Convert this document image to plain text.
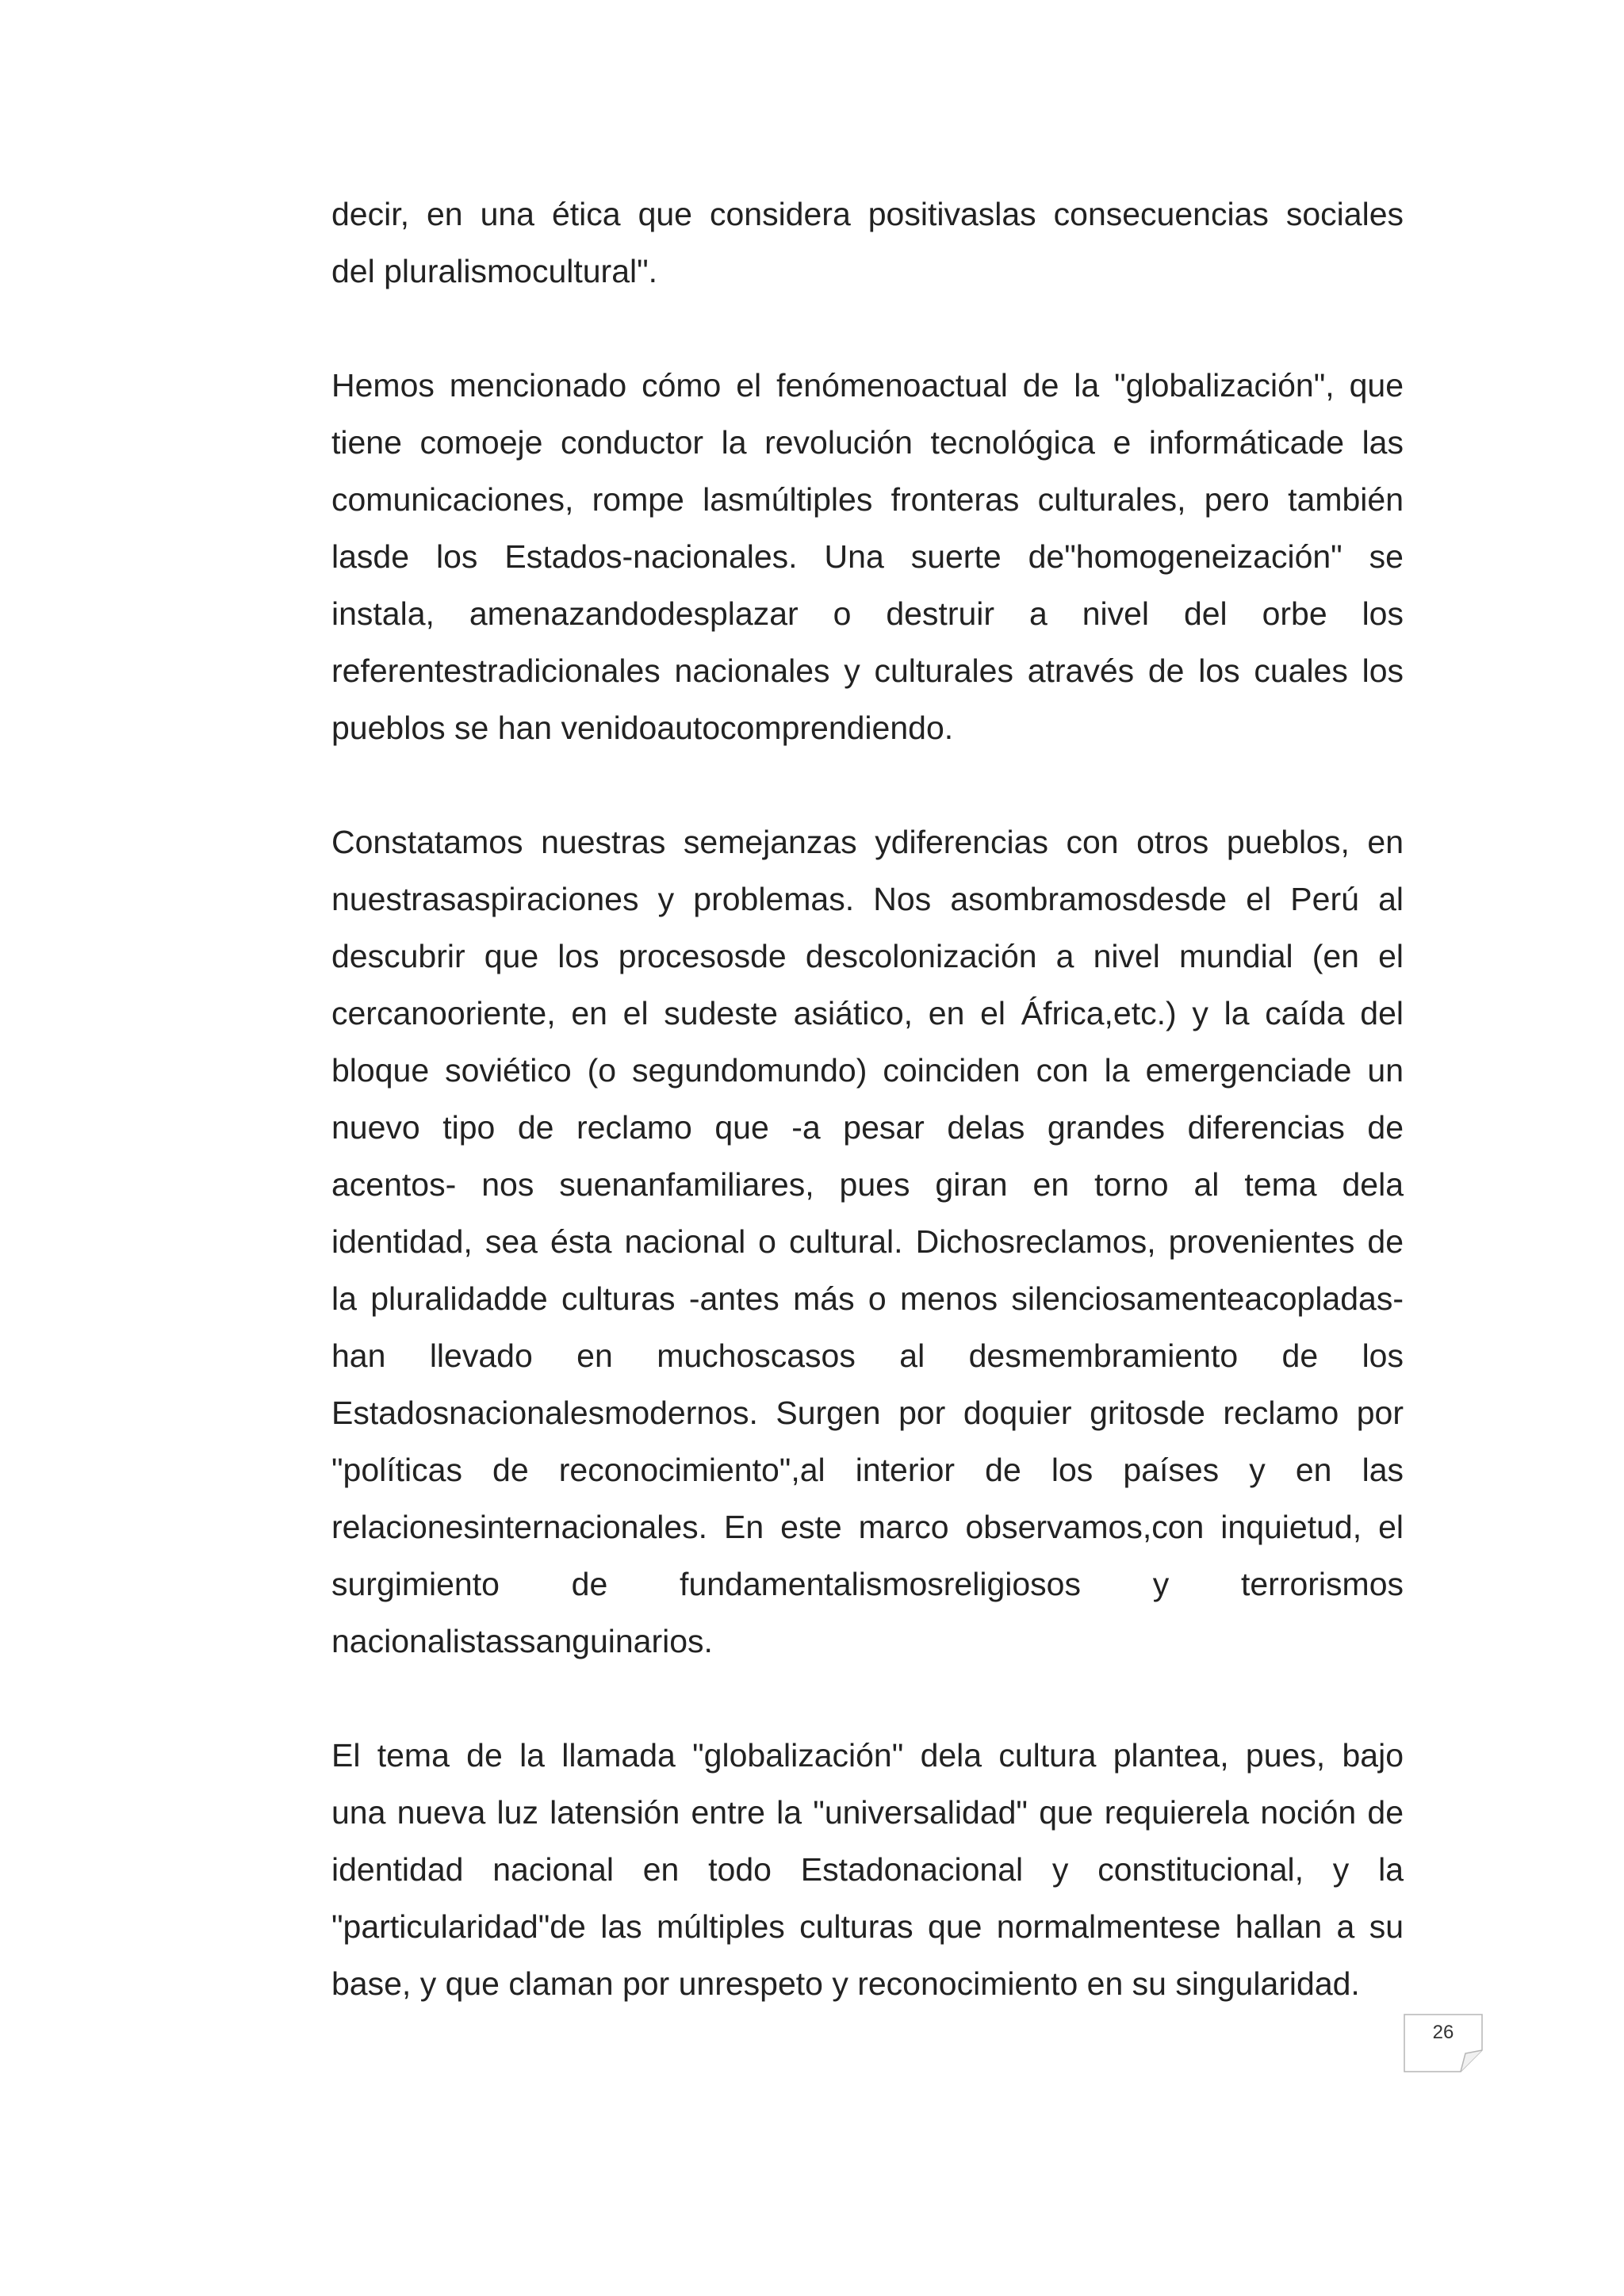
decir, en una ética que considera positivaslas consecuencias sociales
del pluralismocultural".
Hemos mencionado cómo el fenómenoactual de la "globalización", que
tiene comoeje conductor la revolución tecnológica e informáticade las
comunicaciones, rompe lasmúltiples fronteras culturales, pero también
lasde los Estados-nacionales. Una suerte de"homogeneización" se
instala, amenazandodesplazar o destruir a nivel del orbe los
referentestradicionales nacionales y culturales através de los cuales los
pueblos se han venidoautocomprendiendo.
Constatamos nuestras semejanzas ydiferencias con otros pueblos, en
nuestrasaspiraciones y problemas. Nos asombramosdesde el Perú al
descubrir que los procesosde descolonización a nivel mundial (en el
cercanooriente, en el sudeste asiático, en el África,etc.) y la caída del
bloque soviético (o segundomundo) coinciden con la emergenciade un
nuevo tipo de reclamo que -a pesar delas grandes diferencias de
acentos- nos suenanfamiliares, pues giran en torno al tema dela
identidad, sea ésta nacional o cultural. Dichosreclamos, provenientes de
la pluralidadde culturas -antes más o menos silenciosamenteacopladas-
han llevado en muchoscasos al desmembramiento de los
Estadosnacionalesmodernos. Surgen por doquier gritosde reclamo por
"políticas de reconocimiento",al interior de los países y en las
relacionesinternacionales. En este marco observamos,con inquietud, el
surgimiento de fundamentalismosreligiosos y terrorismos
nacionalistassanguinarios.
El tema de la llamada "globalización" dela cultura plantea, pues, bajo
una nueva luz latensión entre la "universalidad" que requierela noción de
identidad nacional en todo Estadonacional y constitucional, y la
"particularidad"de las múltiples culturas que normalmentese hallan a su
base, y que claman por unrespeto y reconocimiento en su singularidad.
26
